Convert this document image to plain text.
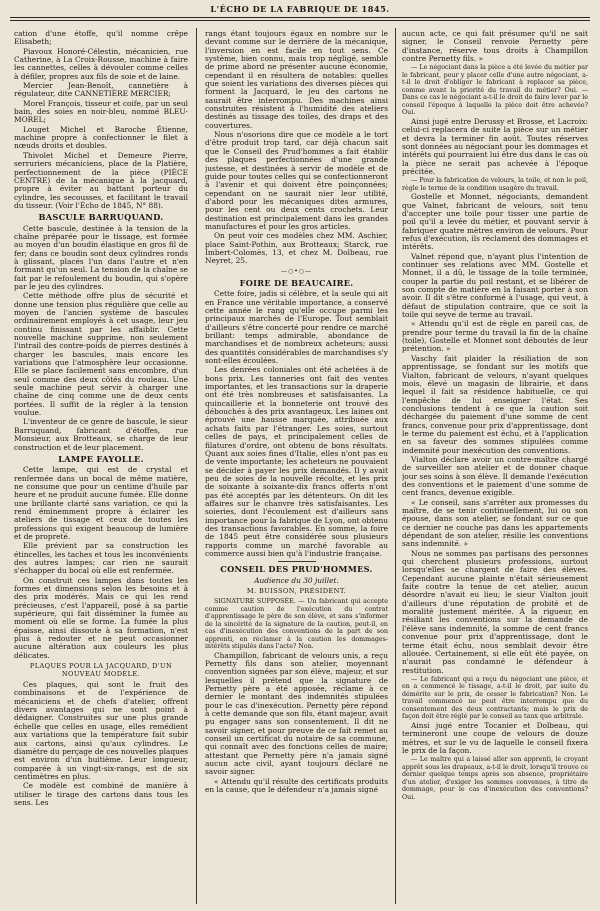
L'ÉCHO DE LA FABRIQUE DE 1845.

cation d'une étoffe, qu'il nomme crêpe Elisabeth;

Piavoux Honoré-Célestin, mécanicien, rue Catherine, à La Croix-Rousse, machine à faire les cannettes, celles à dévouler comme celles à défiler, propres aux fils de soie et de laine.

Mercier Jean-Benoît, cannetière à régulateur, dite CANNETIÈRE MERCIER;

Morel François, tisseur et coife, par un seul bain, des soies en noir-bleu, nommé BLEU-MOREL;

Louget Michel et Baroche Étienne, machine propre à confectionner le filet à nœuds droits et doubles.

Thivolet Michel et Demeure Pierre, serruriers mécaniciens, place de la Platière, perfectionnement de la pièce (PIÈCE CENTRE) de la mécanique à la jacquard, propre à éviter au battant porteur du cylindre, les secousses, et facilitant le travail du tisseur. (Voir l'Écho de 1845, N° 88).

BASCULE BARRUQUAND.

Cette bascule, destinée à la tension de la chaîne préparée pour le tissage, est formée au moyen d'un boudin élastique en gros fil de fer; dans ce boudin sont deux cylindres ronds à glissant, placés l'un dans l'autre et n'en formant qu'un seul. La tension de la chaîne se fait par le refoulement du boudin, qui s'opère par le jeu des cylindres.

Cette méthode offre plus de sécurité et donne une tension plus régulière que celle au moyen de l'ancien système de bascules ordinairement employés à cet usage, leur jeu continu finissant par les affaiblir. Cette nouvelle machine supprime, non seulement l'intrail des contre-poids de pierres destinés à charger les bascules, mais encore les variations que l'atmosphère leur occasionne. Elle se place facilement sans encombre, d'un seul comme des deux côtés du rouleau. Une seule machine peut servir à charger une chaîne de cinq comme une de deux cents portées. Il suffit de la régler à la tension voulue.

L'inventeur de ce genre de bascule, le sieur Barruquand, fabricant d'étoffes, rue Monsieur, aux Brotteaux, se charge de leur construction et de leur placement.

LAMPE FAYOLLE.

Cette lampe, qui est de crystal et renfermée dans un bocal de même matière, ne consume que pour un centime d'huile par heure et ne produit aucune fumée. Elle donne une brillante clarté sans variation, ce qui la rend éminemment propre à éclairer les ateliers de tissage et ceux de toutes les professions qui exigent beaucoup de lumière et de propreté.

Elle prévient par sa construction les étincelles, les taches et tous les inconvénients des autres lampes; car rien ne saurait s'échapper du bocal où elle est renfermée.

On construit ces lampes dans toutes les formes et dimensions selon les besoins et à des prix modérés. Mais ce qui les rend précieuses, c'est l'appareil, posé à sa partie supérieure, qui fait disséminer la fumée au moment où elle se forme. La fumée la plus épaisse, ainsi dissoute à sa formation, n'est plus à redouter et ne peut occasionner aucune altération aux couleurs les plus délicates.

PLAQUES POUR LA JACQUARD, D'UN NOUVEAU MODÈLE.

Ces plaques, qui sont le fruit des combinaisons et de l'expérience de mécaniciens et de chefs d'atelier, offrent divers avantages qui ne sont point à dédaigner. Construites sur une plus grande échelle que celles en usage, elles remédient aux variations que la température fait subir aux cartons, ainsi qu'aux cylindres. Le diamètre du perçage de ces nouvelles plaques est environ d'un huitième. Leur longueur, comparée à un vingt-six-rangs, est de six centimètres en plus.

Ce modèle est combiné de manière à utiliser le tirage des cartons dans tous les sens. Les

rangs étant toujours égaux en nombre sur le devant comme sur le derrière de la mécanique, l'inversion en est facile en tout sens. Ce système, bien connu, mais trop négligé, semble de prime abord ne présenter aucune économie, cependant il en résultera de notables: quelles que soient les variations des diverses pièces qui forment la Jacquard, le jeu des cartons ne saurait être interrompu. Des machines ainsi construites résistent à l'humidité des ateliers destinés au tissage des toiles, des draps et des couvertures.

Nous n'osorions dire que ce modèle a le tort d'être produit trop tard, car déjà chacun sait que le Conseil des Prud'hommes a fait établir des plaques perfectionnées d'une grande justesse, et destinées à servir de modèle et de guide pour toutes celles qui se confectionneront à l'avenir et qui doivent être poinçonnées; cependant on ne saurait nier leur utilité, d'abord pour les mécaniques dites armures, pour les cent ou deux cents crochets. Leur destination est principalement dans les grandes manufactures et pour les gros articles.

On peut voir ces modèles chez MM. Aschier, place Saint-Pothin, aux Brotteaux; Starck, rue Imbert-Colomès, 13, et chez M. Dolbeau, rue Neyret, 25.

—○•○—
FOIRE DE BEAUCAIRE.

Cette foire, jadis si célèbre, et la seule qui ait en France une véritable importance, a conservé cette année le rang qu'elle occupe parmi les principaux marchés de l'Europe. Tout semblait d'ailleurs s'être concerté pour rendre ce marché brillant: temps admirable, abondance de marchandises et de nombreux acheteurs; aussi des quantités considérables de marchandises s'y sont-elles écoulées.

Les denrées coloniales ont été achetées à de bons prix. Les tanneries ont fait des ventes importantes, et les transactions sur la draperie ont été très nombreuses et satisfaisantes. La quincaillerie et la bonneterie ont trouvé des débouchés à des prix avantageux. Les laines ont éprouvé une hausse marquée, attribuée aux achats faits par l'étranger. Les soies, surtout celles de pays, et principalement celles de filatures d'ordre, ont obtenu de bons résultats. Quant aux soies fines d'Italie, elles n'ont pas eu de vente importante; les acheteurs ne pouvaient se décider à payer les prix demandés. Il y avait peu de soies de la nouvelle récolte, et les prix de soixante à soixante-dix francs offerts n'ont pas été acceptés par les détenteurs. On dit les affaires sur le chanvre très satisfaisantes. Les soieries, dont l'écoulement est d'ailleurs sans importance pour la fabrique de Lyon, ont obtenu des transactions favorables. En somme, la foire de 1845 peut être considérée sous plusieurs rapports comme un marché favorable au commerce aussi bien qu'à l'industrie française.

CONSEIL DES PRUD'HOMMES.
Audience du 30 juillet.
M. BUISSON, PRÉSIDENT.

SIGNATURE SUPPOSÉE. — Un fabricant qui accepte comme caution de l'exécution du contrat d'apprentissage le père de son élève, et sans s'informer de la sincérité de la signature de la caution, peut-il, en cas d'inexécution des conventions de la part de son apprenti, en réclamer à la caution les dommages-intérêts stipulés dans l'acte? Non.

Champillon, fabricant de velours unis, a reçu Pernetty fils dans son atelier, moyennant convention signées par son élève, majeur, et sur lesquelles il prétend que la signature de Pernetty père a été apposée, réclame à ce dernier le montant des indemnités stipulées pour le cas d'inexécution. Pernetty père répond à cette demande que son fils, étant majeur, avait pu engager sans son consentement. Il dit ne savoir signer, et pour preuve de ce fait remet au conseil un certificat du notaire de sa commune, qui connaît avec des fonctions celles de maire; attestant que Pernetty père n'a jamais signé aucun acte civil, ayant toujours déclaré ne savoir signer.

« Attendu qu'il résulte des certificats produits en la cause, que le défendeur n'a jamais signé

aucun acte, ce qui fait présumer qu'il ne sait signer, le Conseil renvoie Pernetty père d'instance, réserve tous droits à Champillon contre Pernetty fils. »

— Le négociant dans la pièce a été levée du métier par le fabricant, pour y placer celle d'une autre négociant, a-t-il le droit d'obliger le fabricant à replacer sa pièce, comme avant la priorité du travail du métier? Oui. — Dans ce cas le négociant a-t-il le droit de faire lever par le conseil l'époque à laquelle la pièce doit être achevée? Oui.

Ainsi jugé entre Derussy et Brosse, et Lacroix: celui-ci replacera de suite la pièce sur un métier et devra la terminer fin août. Toutes réserves sont données au négociant pour les dommages et intérêts qui pourraient lui être dus dans le cas où la pièce ne serait pas achevée à l'époque précitée.

— Pour la fabrication de velours, la toile, et non le poil, règle le terme de la condition usagère du travail.

Gostelle et Monnet, négociants, demandent que Valnet, fabricant de velours, soit tenu d'accepter une toile pour tisser une partie de poil qu'il a levée du métier, et pouvant servir à fabriquer quatre mètres environ de velours. Pour refus d'exécution, ils réclament des dommages et intérêts.

Valnet répond que, n'ayant plus l'intention de continuer ses relations avec MM. Gostelle et Monnet, il a dû, le tissage de la toile terminée, couper la partie du poil restant, et se libérer de son compte de matière en la faisant porter à son avoir. Il dit s'être conformé à l'usage, qui veut, à défaut de stipulation contraire, que ce soit la toile qui seyve de terme au travail.

« Attendu qu'il est de règle en pareil cas, de prendre pour terme du travail la fin de la chaîne (toile), Gostelle et Monnet sont déboutés de leur prétention. »

Vaschy fait plaider la résiliation de son apprentissage, se fondant sur les motifs que Vialton, fabricant de velours, n'ayant quelques mois, élevé un magasin de librairie, et dans lequel il fait sa résidence habituelle, ce qui l'empêche de lui enseigner l'état. Ses conclusions tendent à ce que la caution soit déchargée du paiement d'une somme de cent francs, convenue pour prix d'apprentissage, dont le terme du paiement est échu, et à l'application en sa faveur des sommes stipulées comme indemnité pour inexécution des conventions.

Vialton déclare avoir un contre-maître chargé de surveiller son atelier et de donner chaque jour ses soins à son élève. Il demande l'exécution des conventions et le paiement d'une somme de cent francs, devenue exigible.

« Le conseil, sans s'arrêter aux promesses du maître, de se tenir continuellement, lui ou son épouse, dans son atelier, se fondant sur ce que ce dernier ne couche pas dans les appartements dépendant de son atelier, résilie les conventions sans indemnité. »

Nous ne sommes pas partisans des personnes qui cherchent plusieurs professions, surtout lorsqu'elles se chargent de faire des élèves. Cependant aucune plainte n'était sérieusement faite contre la tenue de cet atelier, aucun désordre n'avait eu lieu; le sieur Vialton jouit d'ailleurs d'une réputation de probité et de moralité justement méritée. À la rigueur, en résiliant les conventions sur la demande de l'élève sans indemnité, la somme de cent francs convenue pour prix d'apprentissage, dont le terme était échu, nous semblait devoir être allouée. Certainement, si elle eût été payée, on n'aurait pas condamné le défendeur à restitution.

— Le fabricant qui a reçu du négociant une pièce, et en a commencé le tissage, a-t-il le droit, par suite du démérite sur le prix, de cesser le fabrication? Non. Le travail commencé ne peut être interrompu que du consentement des deux contractants; mais le prix de façon doit être réglé par le conseil au taux que arbitrale.

Ainsi jugé entre Tocanier et Dolbeau, qui termineront une coupe de velours de douze mètres, et sur le vu de laquelle le conseil fixera le prix de la façon.

— Le maître qui a laissé aller son apprenti, le croyant apprêt sous les drapeaux, a-t-il le droit, lorsqu'il trouve ce dernier quelque temps après son absence, propriétaire d'un atelier, d'exiger les sommes convenues, à titre de dommage, pour le cas d'inexécution des conventions? Oui.
